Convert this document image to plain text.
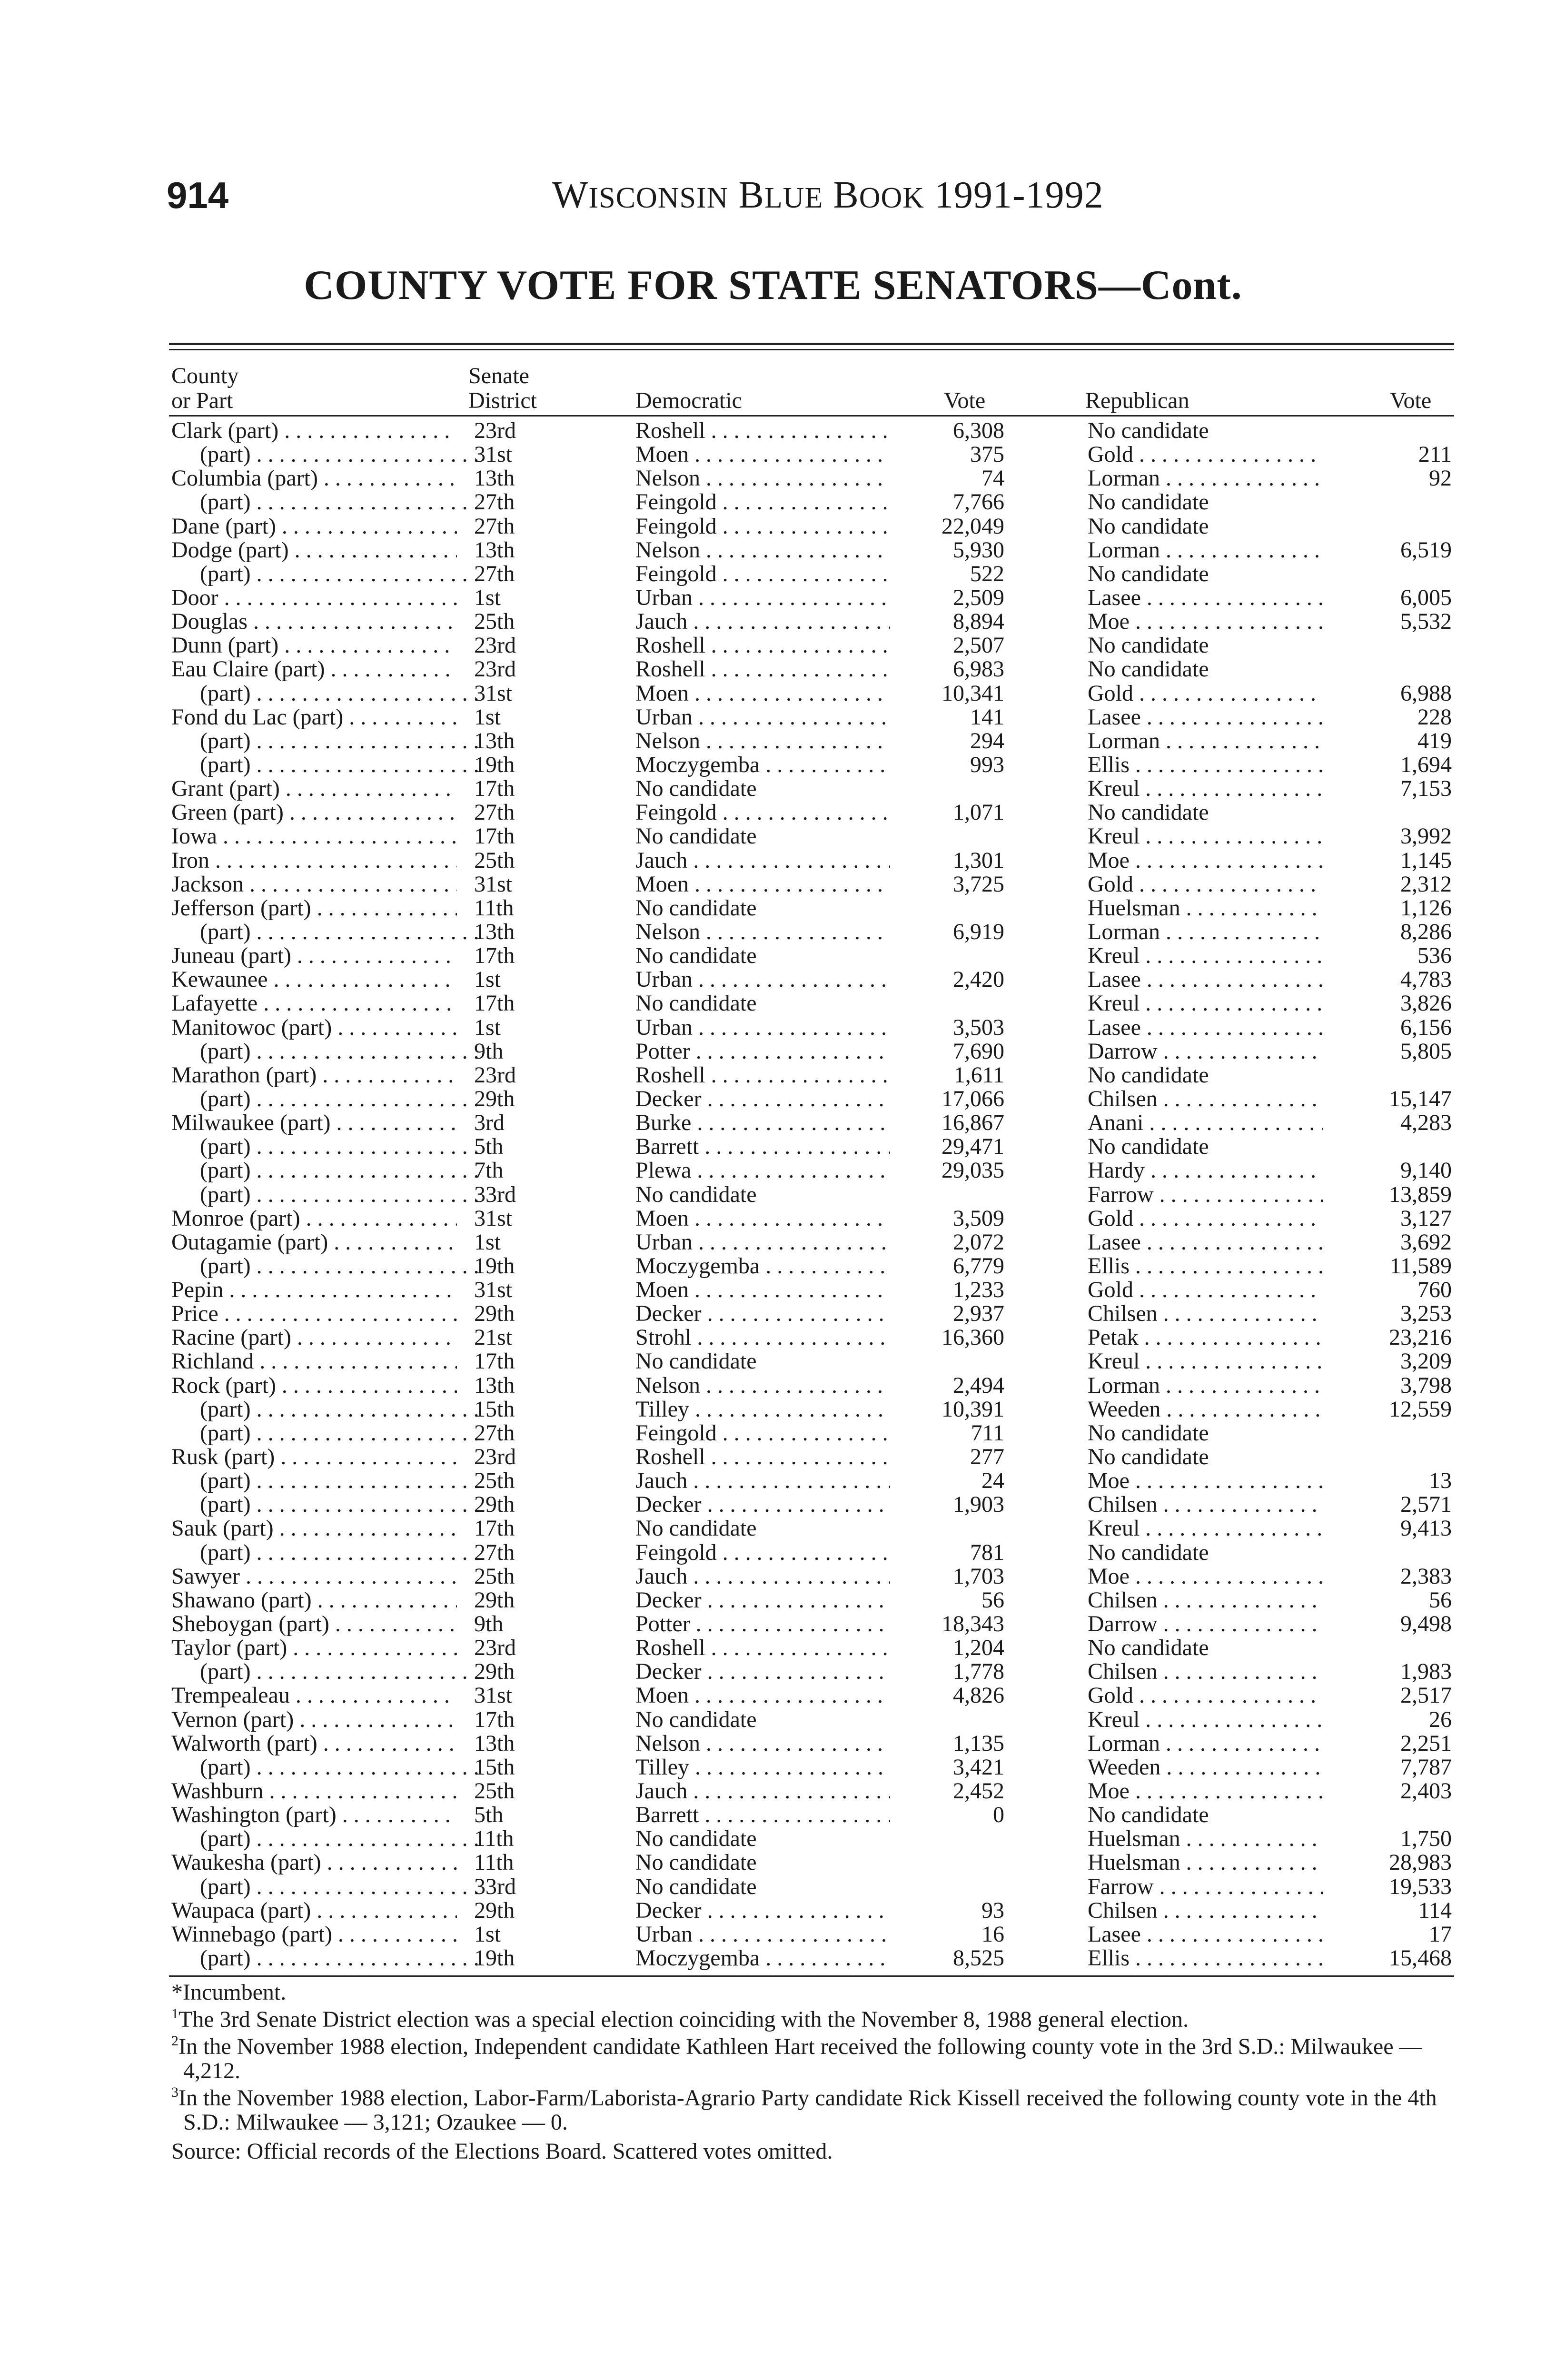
914	WISCONSIN BLUE BOOK 1991-1992
COUNTY VOTE FOR STATE SENATORS—Cont.
County
or Part
Senate
District	Democratic	Vote	Republican	Vote
Clark (part) . . .	23rd	Roshell . . .	6,308	No candidate
(part) . . .	31st	Moen . . .	375	Gold . . .	211
Columbia (part) . . .	13th	Nelson . . .	74	Lorman . . .	92
(part) . . .	27th	Feingold . . .	7,766	No candidate
Dane (part) . . .	27th	Feingold . . .	22,049	No candidate
Dodge (part) . . .	13th	Nelson . . .	5,930	Lorman . . .	6,519
(part) . . .	27th	Feingold . . .	522	No candidate
Door . . .	1st	Urban . . .	2,509	Lasee . . .	6,005
Douglas . . .	25th	Jauch . . .	8,894	Moe . . .	5,532
Dunn (part) . . .	23rd	Roshell . . .	2,507	No candidate
Eau Claire (part) . . .	23rd	Roshell . . .	6,983	No candidate
(part) . . .	31st	Moen . . .	10,341	Gold . . .	6,988
Fond du Lac (part) . . .	1st	Urban . . .	141	Lasee . . .	228
(part) . . .	13th	Nelson . . .	294	Lorman . . .	419
(part) . . .	19th	Moczygemba . . .	993	Ellis . . .	1,694
Grant (part) . . .	17th	No candidate	Kreul . . .	7,153
Green (part) . . .	27th	Feingold . . .	1,071	No candidate
Iowa . . .	17th	No candidate	Kreul . . .	3,992
Iron . . .	25th	Jauch . . .	1,301	Moe . . .	1,145
Jackson . . .	31st	Moen . . .	3,725	Gold . . .	2,312
Jefferson (part) . . .	11th	No candidate	Huelsman . . .	1,126
(part) . . .	13th	Nelson . . .	6,919	Lorman . . .	8,286
Juneau (part) . . .	17th	No candidate	Kreul . . .	536
Kewaunee . . .	1st	Urban . . .	2,420	Lasee . . .	4,783
Lafayette . . .	17th	No candidate	Kreul . . .	3,826
Manitowoc (part) . . .	1st	Urban . . .	3,503	Lasee . . .	6,156
(part) . . .	9th	Potter . . .	7,690	Darrow . . .	5,805
Marathon (part) . . .	23rd	Roshell . . .	1,611	No candidate
(part) . . .	29th	Decker . . .	17,066	Chilsen . . .	15,147
Milwaukee (part) . . .	3rd	Burke . . .	16,867	Anani . . .	4,283
(part) . . .	5th	Barrett . . .	29,471	No candidate
(part) . . .	7th	Plewa . . .	29,035	Hardy . . .	9,140
(part) . . .	33rd	No candidate	Farrow . . .	13,859
Monroe (part) . . .	31st	Moen . . .	3,509	Gold . . .	3,127
Outagamie (part) . . .	1st	Urban . . .	2,072	Lasee . . .	3,692
(part) . . .	19th	Moczygemba . . .	6,779	Ellis . . .	11,589
Pepin . . .	31st	Moen . . .	1,233	Gold . . .	760
Price . . .	29th	Decker . . .	2,937	Chilsen . . .	3,253
Racine (part) . . .	21st	Strohl . . .	16,360	Petak . . .	23,216
Richland . . .	17th	No candidate	Kreul . . .	3,209
Rock (part) . . .	13th	Nelson . . .	2,494	Lorman . . .	3,798
(part) . . .	15th	Tilley . . .	10,391	Weeden . . .	12,559
(part) . . .	27th	Feingold . . .	711	No candidate
Rusk (part) . . .	23rd	Roshell . . .	277	No candidate
(part) . . .	25th	Jauch . . .	24	Moe . . .	13
(part) . . .	29th	Decker . . .	1,903	Chilsen . . .	2,571
Sauk (part) . . .	17th	No candidate	Kreul . . .	9,413
(part) . . .	27th	Feingold . . .	781	No candidate
Sawyer . . .	25th	Jauch . . .	1,703	Moe . . .	2,383
Shawano (part) . . .	29th	Decker . . .	56	Chilsen . . .	56
Sheboygan (part) . . .	9th	Potter . . .	18,343	Darrow . . .	9,498
Taylor (part) . . .	23rd	Roshell . . .	1,204	No candidate
(part) . . .	29th	Decker . . .	1,778	Chilsen . . .	1,983
Trempealeau . . .	31st	Moen . . .	4,826	Gold . . .	2,517
Vernon (part) . . .	17th	No candidate	Kreul . . .	26
Walworth (part) . . .	13th	Nelson . . .	1,135	Lorman . . .	2,251
(part) . . .	15th	Tilley . . .	3,421	Weeden . . .	7,787
Washburn . . .	25th	Jauch . . .	2,452	Moe . . .	2,403
Washington (part) . . .	5th	Barrett . . .	0	No candidate
(part) . . .	11th	No candidate	Huelsman . . .	1,750
Waukesha (part) . . .	11th	No candidate	Huelsman . . .	28,983
(part) . . .	33rd	No candidate	Farrow . . .	19,533
Waupaca (part) . . .	29th	Decker . . .	93	Chilsen . . .	114
Winnebago (part) . . .	1st	Urban . . .	16	Lasee . . .	17
(part) . . .	19th	Moczygemba . . .	8,525	Ellis . . .	15,468

*Incumbent.

$^1$The 3rd Senate District election was a special election coinciding with the November 8, 1988 general election.

$^2$In the November 1988 election, Independent candidate Kathleen Hart received the following county vote in the 3rd S.D.: Milwaukee — 4,212.

$^3$In the November 1988 election, Labor-Farm/Laborista-Agrario Party candidate Rick Kissell received the following county vote in the 4th S.D.: Milwaukee — 3,121; Ozaukee — 0.

Source: Official records of the Elections Board. Scattered votes omitted.
